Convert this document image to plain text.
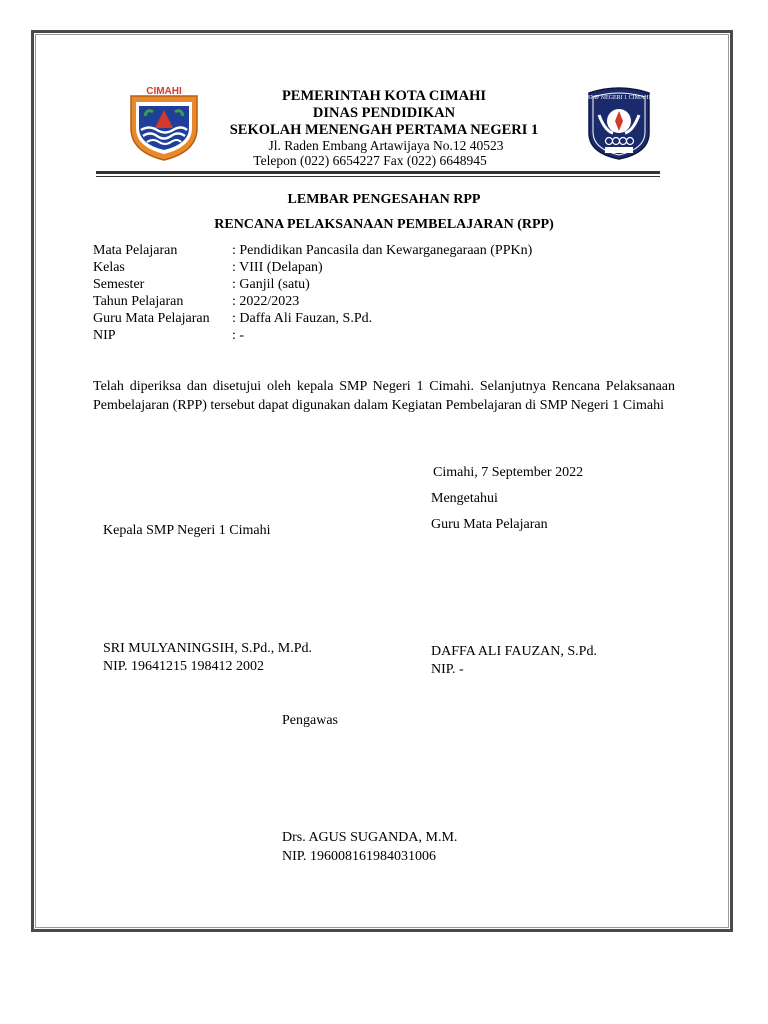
CIMAHI
SMP NEGERI 1 CIMAHI
PEMERINTAH KOTA CIMAHI
DINAS PENDIDIKAN
SEKOLAH MENENGAH PERTAMA NEGERI 1
Jl. Raden Embang Artawijaya No.12 40523
Telepon (022) 6654227 Fax (022) 6648945
LEMBAR PENGESAHAN RPP
RENCANA PELAKSANAAN PEMBELAJARAN (RPP)
Mata Pelajaran	: Pendidikan Pancasila dan Kewarganegaraan (PPKn)
Kelas	: VIII (Delapan)
Semester	: Ganjil (satu)
Tahun Pelajaran	: 2022/2023
Guru Mata Pelajaran : Daffa Ali Fauzan, S.Pd.
NIP	: -
Telah diperiksa dan disetujui oleh kepala SMP Negeri 1 Cimahi. Selanjutnya Rencana Pelaksanaan Pembelajaran (RPP) tersebut dapat digunakan dalam Kegiatan Pembelajaran di SMP Negeri 1 Cimahi
Cimahi, 7 September 2022
Mengetahui
Guru Mata Pelajaran
Kepala SMP Negeri 1 Cimahi
SRI MULYANINGSIH, S.Pd., M.Pd.
NIP. 19641215 198412 2002
DAFFA ALI FAUZAN, S.Pd.
NIP. -
Pengawas
Drs. AGUS SUGANDA, M.M.
NIP. 196008161984031006
